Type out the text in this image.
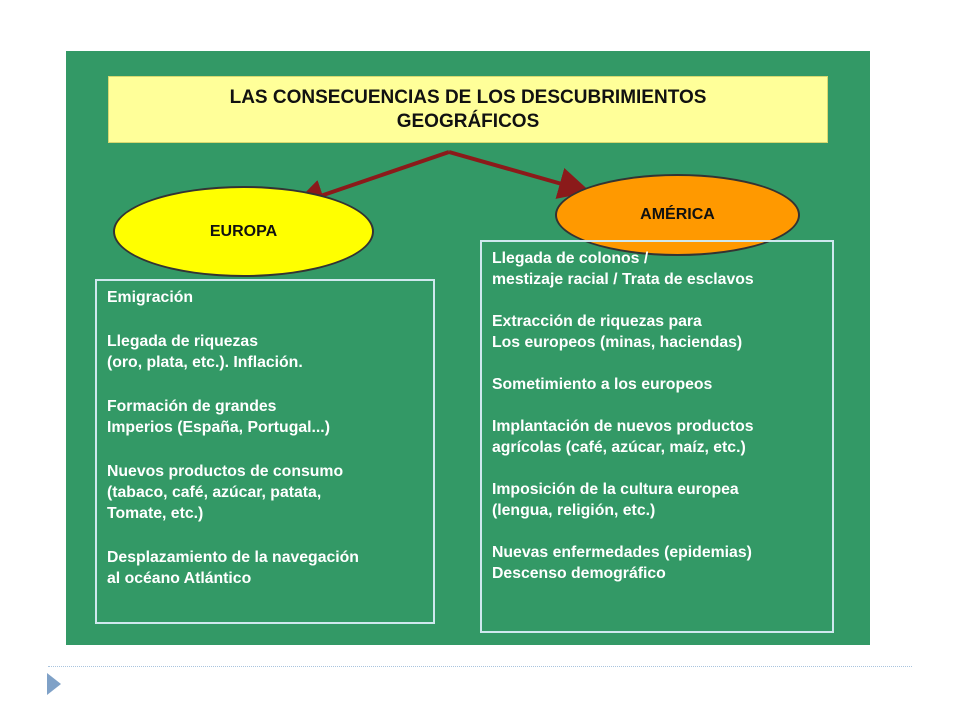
LAS CONSECUENCIAS DE LOS DESCUBRIMIENTOS
GEOGRÁFICOS
EUROPA
AMÉRICA
Emigración
Llegada de riquezas
(oro, plata, etc.). Inflación.
Formación de grandes
Imperios (España, Portugal...)
Nuevos productos de consumo
(tabaco, café, azúcar, patata,
Tomate, etc.)
Desplazamiento de la navegación
al océano Atlántico
Llegada de colonos /
mestizaje racial / Trata de esclavos
Extracción de riquezas para
Los europeos (minas, haciendas)
Sometimiento a los europeos
Implantación de nuevos productos
agrícolas (café, azúcar, maíz, etc.)
Imposición de la cultura europea
(lengua, religión, etc.)
Nuevas enfermedades (epidemias)
Descenso demográfico
